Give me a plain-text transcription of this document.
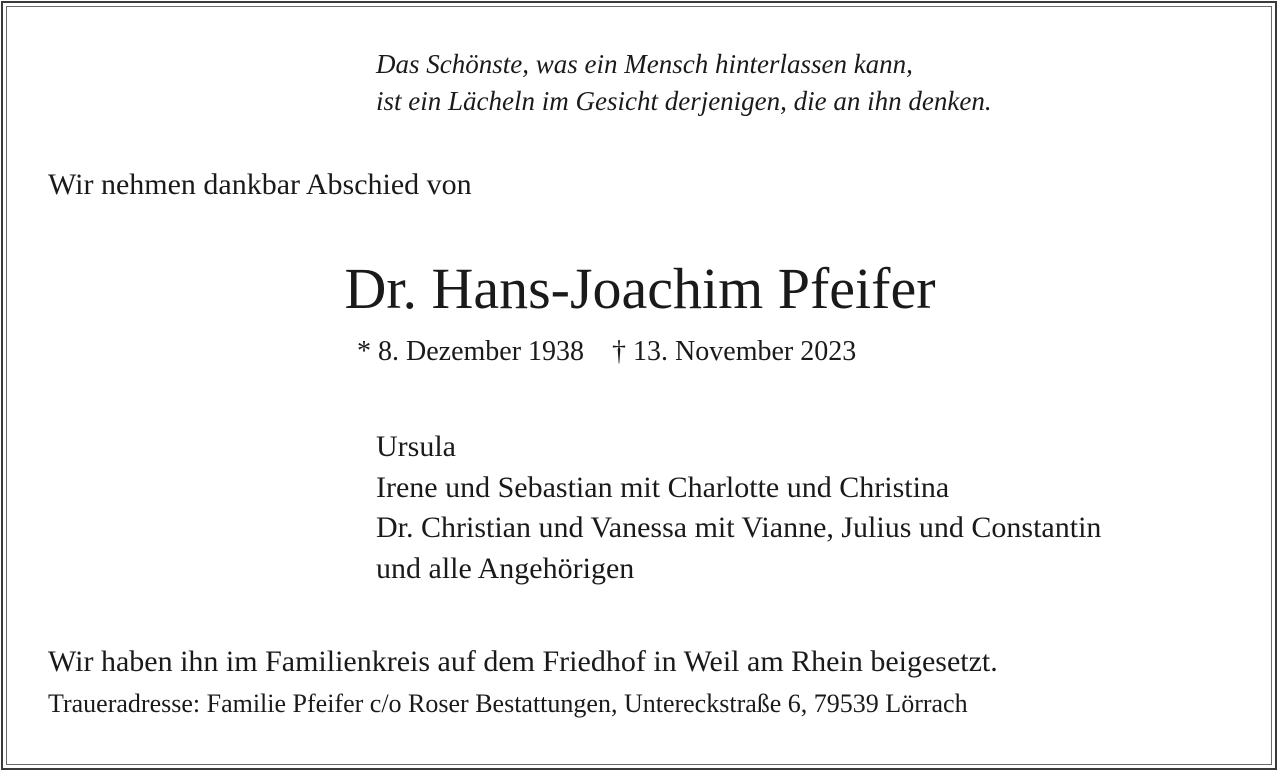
Das Schönste, was ein Mensch hinterlassen kann,
ist ein Lächeln im Gesicht derjenigen, die an ihn denken.
Wir nehmen dankbar Abschied von
Dr. Hans-Joachim Pfeifer
* 8. Dezember 1938 † 13. November 2023
Ursula
Irene und Sebastian mit Charlotte und Christina
Dr. Christian und Vanessa mit Vianne, Julius und Constantin
und alle Angehörigen
Wir haben ihn im Familienkreis auf dem Friedhof in Weil am Rhein beigesetzt.
Traueradresse: Familie Pfeifer c/o Roser Bestattungen, Untereckstraße 6, 79539 Lörrach
